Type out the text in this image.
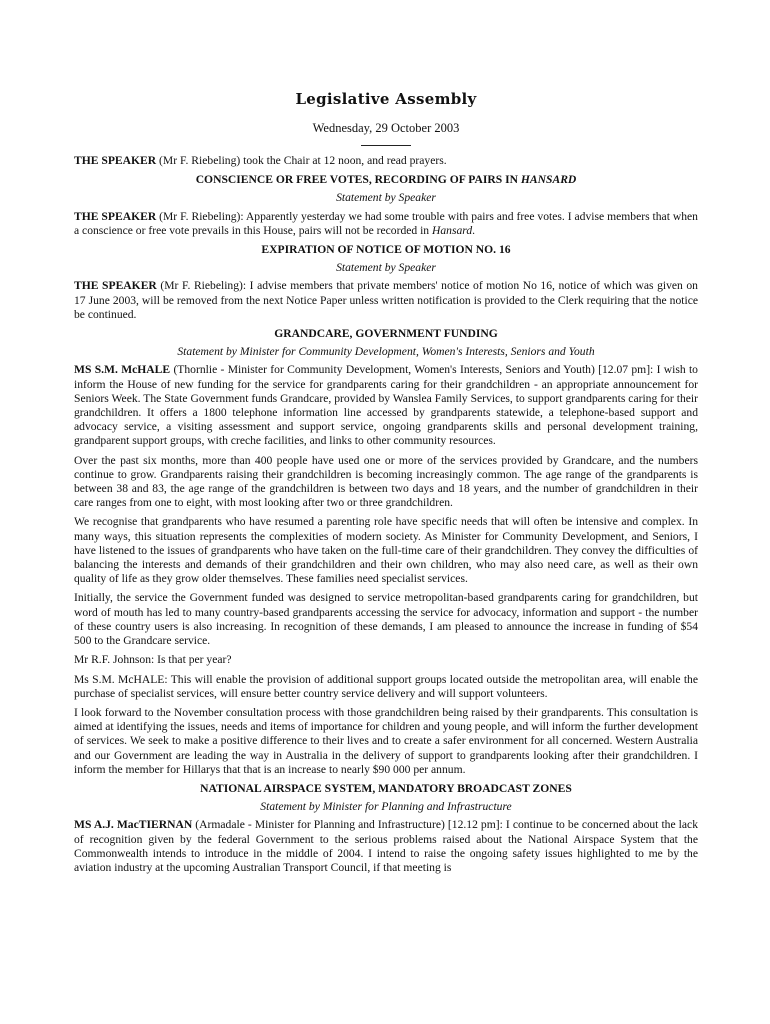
Legislative Assembly
Wednesday, 29 October 2003

THE SPEAKER (Mr F. Riebeling) took the Chair at 12 noon, and read prayers.

CONSCIENCE OR FREE VOTES, RECORDING OF PAIRS IN HANSARD
Statement by Speaker

THE SPEAKER (Mr F. Riebeling): Apparently yesterday we had some trouble with pairs and free votes. I advise members that when a conscience or free vote prevails in this House, pairs will not be recorded in Hansard.

EXPIRATION OF NOTICE OF MOTION NO. 16
Statement by Speaker

THE SPEAKER (Mr F. Riebeling): I advise members that private members' notice of motion No 16, notice of which was given on 17 June 2003, will be removed from the next Notice Paper unless written notification is provided to the Clerk requiring that the notice be continued.

GRANDCARE, GOVERNMENT FUNDING
Statement by Minister for Community Development, Women's Interests, Seniors and Youth

MS S.M. McHALE (Thornlie - Minister for Community Development, Women's Interests, Seniors and Youth) [12.07 pm]: I wish to inform the House of new funding for the service for grandparents caring for their grandchildren - an appropriate announcement for Seniors Week. The State Government funds Grandcare, provided by Wanslea Family Services, to support grandparents caring for their grandchildren. It offers a 1800 telephone information line accessed by grandparents statewide, a telephone-based support and advocacy service, a visiting assessment and support service, ongoing grandparents skills and personal development training, grandparent support groups, with creche facilities, and links to other community resources.

Over the past six months, more than 400 people have used one or more of the services provided by Grandcare, and the numbers continue to grow. Grandparents raising their grandchildren is becoming increasingly common. The age range of the grandparents is between 38 and 83, the age range of the grandchildren is between two days and 18 years, and the number of grandchildren in their care ranges from one to eight, with most looking after two or three grandchildren.

We recognise that grandparents who have resumed a parenting role have specific needs that will often be intensive and complex. In many ways, this situation represents the complexities of modern society. As Minister for Community Development, and Seniors, I have listened to the issues of grandparents who have taken on the full-time care of their grandchildren. They convey the difficulties of balancing the interests and demands of their grandchildren and their own children, who may also need care, as well as their own quality of life as they grow older themselves. These families need specialist services.

Initially, the service the Government funded was designed to service metropolitan-based grandparents caring for grandchildren, but word of mouth has led to many country-based grandparents accessing the service for advocacy, information and support - the number of these country users is also increasing. In recognition of these demands, I am pleased to announce the increase in funding of $54 500 to the Grandcare service.

Mr R.F. Johnson: Is that per year?

Ms S.M. McHALE: This will enable the provision of additional support groups located outside the metropolitan area, will enable the purchase of specialist services, will ensure better country service delivery and will support volunteers.

I look forward to the November consultation process with those grandchildren being raised by their grandparents. This consultation is aimed at identifying the issues, needs and items of importance for children and young people, and will inform the further development of services. We seek to make a positive difference to their lives and to create a safer environment for all concerned. Western Australia and our Government are leading the way in Australia in the delivery of support to grandparents looking after their grandchildren. I inform the member for Hillarys that that is an increase to nearly $90 000 per annum.

NATIONAL AIRSPACE SYSTEM, MANDATORY BROADCAST ZONES
Statement by Minister for Planning and Infrastructure

MS A.J. MacTIERNAN (Armadale - Minister for Planning and Infrastructure) [12.12 pm]: I continue to be concerned about the lack of recognition given by the federal Government to the serious problems raised about the National Airspace System that the Commonwealth intends to introduce in the middle of 2004. I intend to raise the ongoing safety issues highlighted to me by the aviation industry at the upcoming Australian Transport Council, if that meeting is
